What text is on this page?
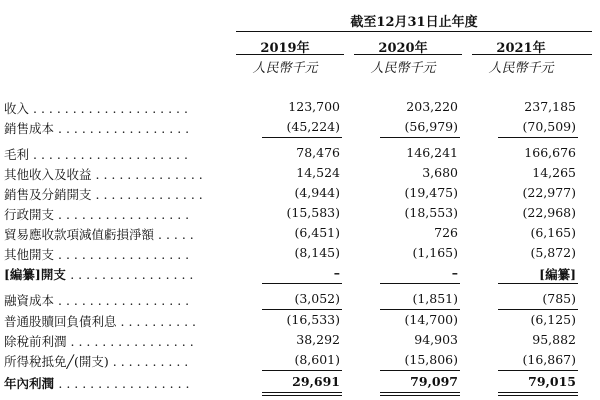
截至12月31日止年度
2019年	2020年	2021年
人民幣千元	人民幣千元	人民幣千元
收入 . . . . . . . . . . . . . . . . . . . .	123,700	203,220	237,185
銷售成本 . . . . . . . . . . . . . . . . .	(45,224)	(56,979)	(70,509)
毛利 . . . . . . . . . . . . . . . . . . . .	78,476	146,241	166,676
其他收入及收益 . . . . . . . . . . . . . .	14,524	3,680	14,265
銷售及分銷開支 . . . . . . . . . . . . . .	(4,944)	(19,475)	(22,977)
行政開支 . . . . . . . . . . . . . . . . .	(15,583)	(18,553)	(22,968)
貿易應收款項減值虧損淨額 . . . . .	(6,451)	726	(6,165)
其他開支 . . . . . . . . . . . . . . . . .	(8,145)	(1,165)	(5,872)
[編纂]開支 . . . . . . . . . . . . . . . .	–	–	[編纂]
融資成本 . . . . . . . . . . . . . . . . .	(3,052)	(1,851)	(785)
普通股贖回負債利息 . . . . . . . . . .	(16,533)	(14,700)	(6,125)
除稅前利潤 . . . . . . . . . . . . . . . .	38,292	94,903	95,882
所得稅抵免╱(開支) . . . . . . . . . .	(8,601)	(15,806)	(16,867)
年內利潤 . . . . . . . . . . . . . . . . .	29,691	79,097	79,015
